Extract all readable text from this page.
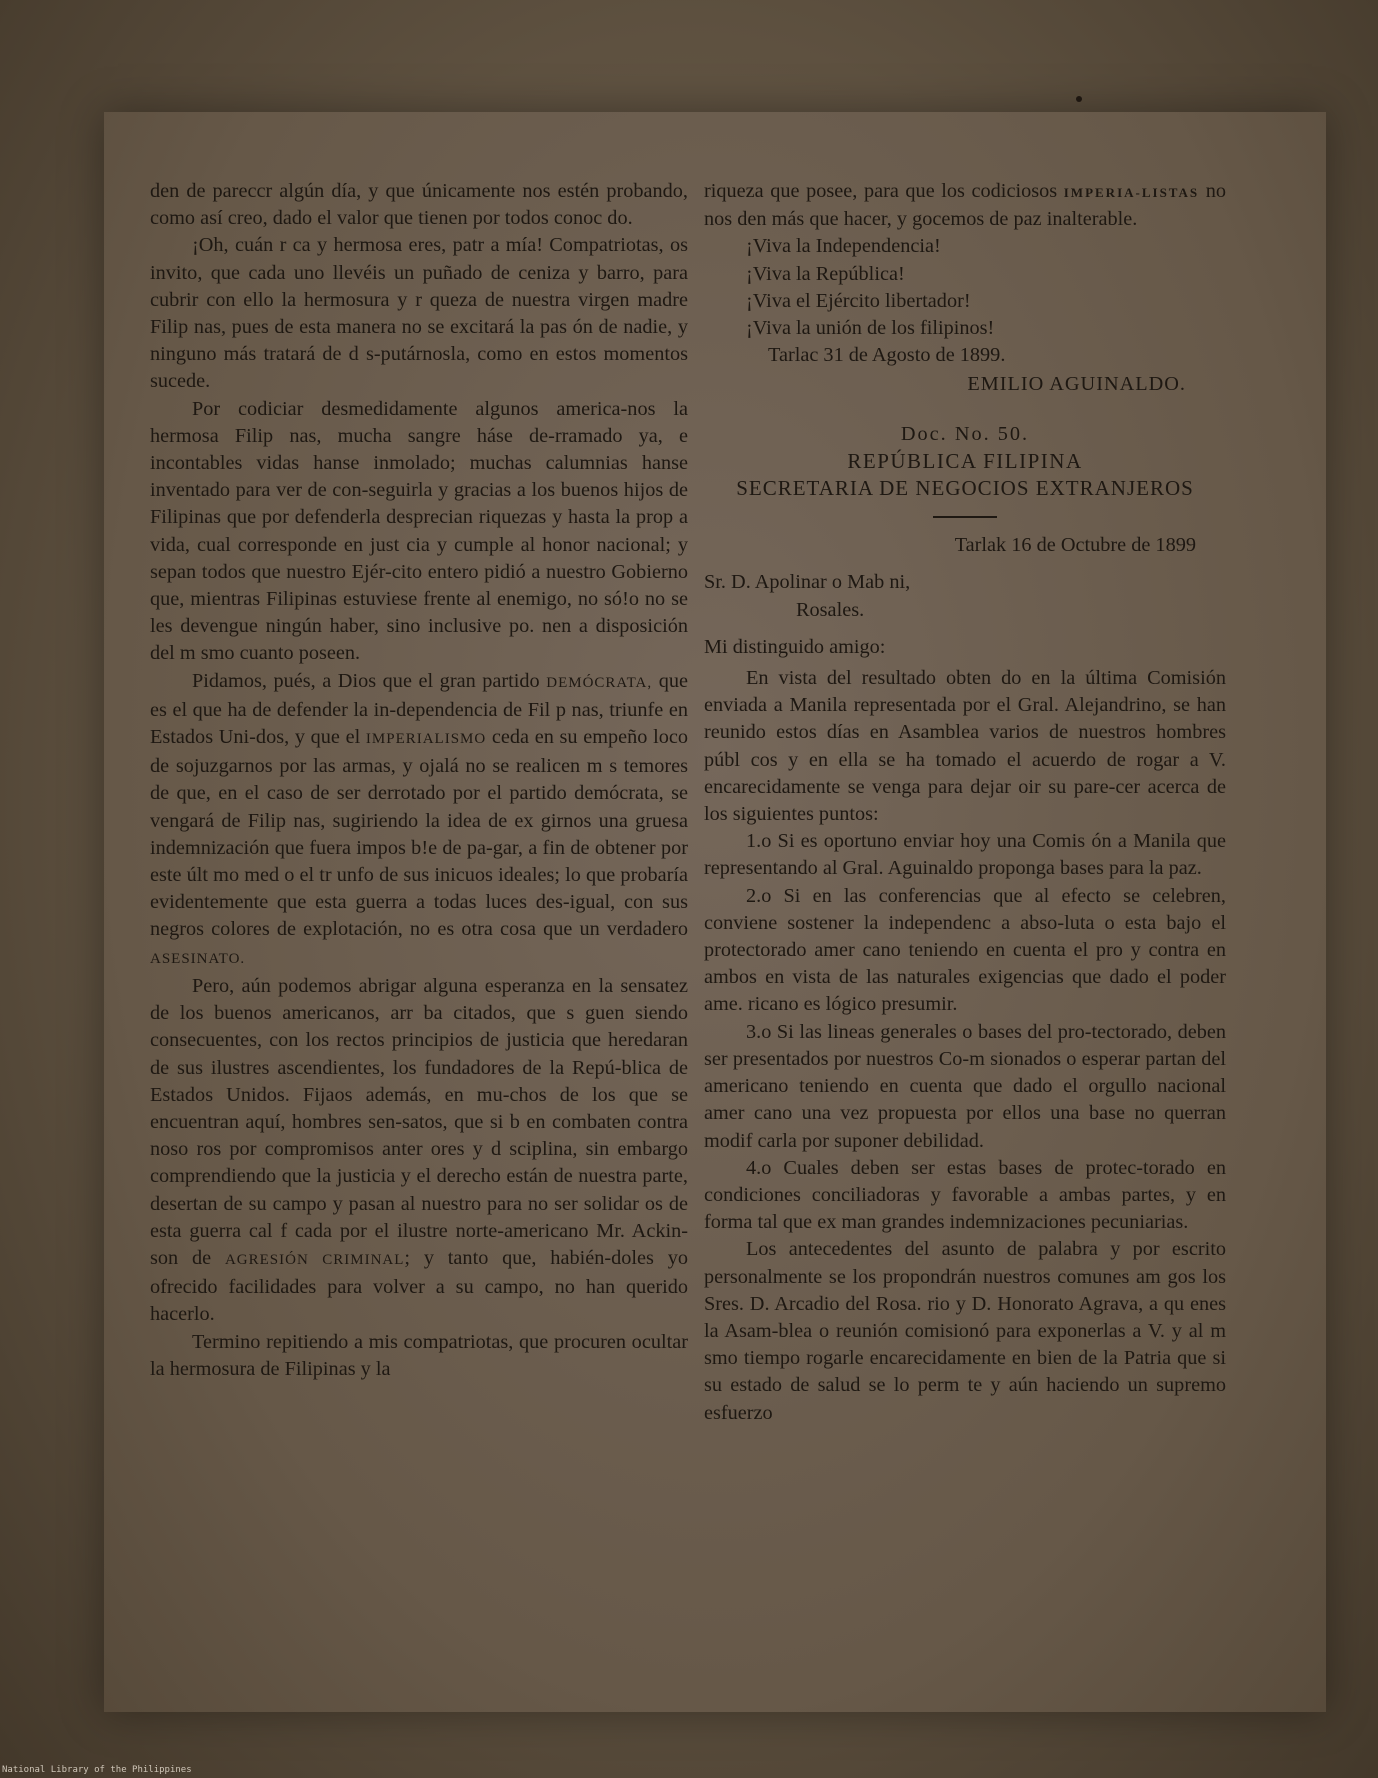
den de pareccr algún día, y que únicamente nos estén probando, como así creo, dado el valor que tienen por todos conoc do.

¡Oh, cuán r ca y hermosa eres, patr a mía! Compatriotas, os invito, que cada uno llevéis un puñado de ceniza y barro, para cubrir con ello la hermosura y r queza de nuestra virgen madre Filip nas, pues de esta manera no se excitará la pas ón de nadie, y ninguno más tratará de d s-putárnosla, como en estos momentos sucede.

Por codiciar desmedidamente algunos america-nos la hermosa Filip nas, mucha sangre háse de-rramado ya, e incontables vidas hanse inmolado; muchas calumnias hanse inventado para ver de con-seguirla y gracias a los buenos hijos de Filipinas que por defenderla desprecian riquezas y hasta la prop a vida, cual corresponde en just cia y cumple al honor nacional; y sepan todos que nuestro Ejér-cito entero pidió a nuestro Gobierno que, mientras Filipinas estuviese frente al enemigo, no só!o no se les devengue ningún haber, sino inclusive po. nen a disposición del m smo cuanto poseen.

Pidamos, pués, a Dios que el gran partido DEMÓCRATA, que es el que ha de defender la in-dependencia de Fil p nas, triunfe en Estados Uni-dos, y que el IMPERIALISMO ceda en su empeño loco de sojuzgarnos por las armas, y ojalá no se realicen m s temores de que, en el caso de ser derrotado por el partido demócrata, se vengará de Filip nas, sugiriendo la idea de ex girnos una gruesa indemnización que fuera impos b!e de pa-gar, a fin de obtener por este últ mo med o el tr unfo de sus inicuos ideales; lo que probaría evidentemente que esta guerra a todas luces des-igual, con sus negros colores de explotación, no es otra cosa que un verdadero ASESINATO.

Pero, aún podemos abrigar alguna esperanza en la sensatez de los buenos americanos, arr ba citados, que s guen siendo consecuentes, con los rectos principios de justicia que heredaran de sus ilustres ascendientes, los fundadores de la Repú-blica de Estados Unidos. Fijaos además, en mu-chos de los que se encuentran aquí, hombres sen-satos, que si b en combaten contra noso ros por compromisos anter ores y d sciplina, sin embargo comprendiendo que la justicia y el derecho están de nuestra parte, desertan de su campo y pasan al nuestro para no ser solidar os de esta guerra cal f cada por el ilustre norte-americano Mr. Ackin-son de AGRESIÓN CRIMINAL; y tanto que, habién-doles yo ofrecido facilidades para volver a su campo, no han querido hacerlo.

Termino repitiendo a mis compatriotas, que procuren ocultar la hermosura de Filipinas y la

riqueza que posee, para que los codiciosos IMPERIA-LISTAS no nos den más que hacer, y gocemos de paz inalterable.

¡Viva la Independencia!

¡Viva la República!

¡Viva el Ejército libertador!

¡Viva la unión de los filipinos!

Tarlac 31 de Agosto de 1899.

EMILIO AGUINALDO.

Doc. No. 50.

REPÚBLICA FILIPINA

SECRETARIA DE NEGOCIOS EXTRANJEROS

Tarlak 16 de Octubre de 1899

Sr. D. Apolinar o Mab ni,

Rosales.

Mi distinguido amigo:

En vista del resultado obten do en la última Comisión enviada a Manila representada por el Gral. Alejandrino, se han reunido estos días en Asamblea varios de nuestros hombres públ cos y en ella se ha tomado el acuerdo de rogar a V. encarecidamente se venga para dejar oir su pare-cer acerca de los siguientes puntos:

1.o Si es oportuno enviar hoy una Comis ón a Manila que representando al Gral. Aguinaldo proponga bases para la paz.

2.o Si en las conferencias que al efecto se celebren, conviene sostener la independenc a abso-luta o esta bajo el protectorado amer cano teniendo en cuenta el pro y contra en ambos en vista de las naturales exigencias que dado el poder ame. ricano es lógico presumir.

3.o Si las lineas generales o bases del pro-tectorado, deben ser presentados por nuestros Co-m sionados o esperar partan del americano teniendo en cuenta que dado el orgullo nacional amer cano una vez propuesta por ellos una base no querran modif carla por suponer debilidad.

4.o Cuales deben ser estas bases de protec-torado en condiciones conciliadoras y favorable a ambas partes, y en forma tal que ex man grandes indemnizaciones pecuniarias.

Los antecedentes del asunto de palabra y por escrito personalmente se los propondrán nuestros comunes am gos los Sres. D. Arcadio del Rosa. rio y D. Honorato Agrava, a qu enes la Asam-blea o reunión comisionó para exponerlas a V. y al m smo tiempo rogarle encarecidamente en bien de la Patria que si su estado de salud se lo perm te y aún haciendo un supremo esfuerzo

National Library of the Philippines
